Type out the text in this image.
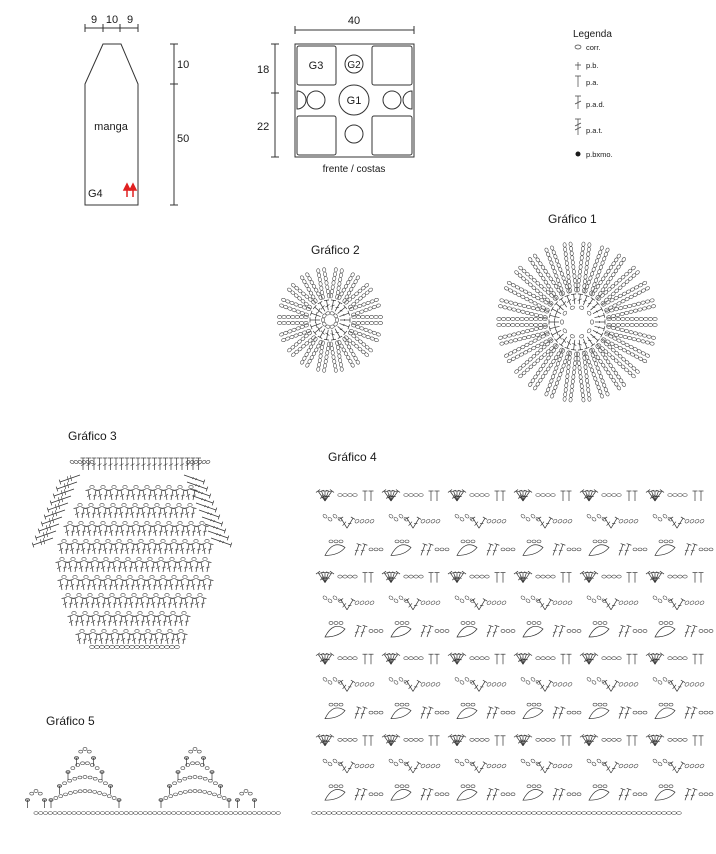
9 10 9
manga
G4
10
50
40
G3 G2
G1
18
22
frente / costas
Legenda
corr.
p.b.
p.a.
p.a.d.
p.a.t.
p.bxmo.
Gráfico 1
Gráfico 2
Gráfico 3
Gráfico 4
Gráfico 5
